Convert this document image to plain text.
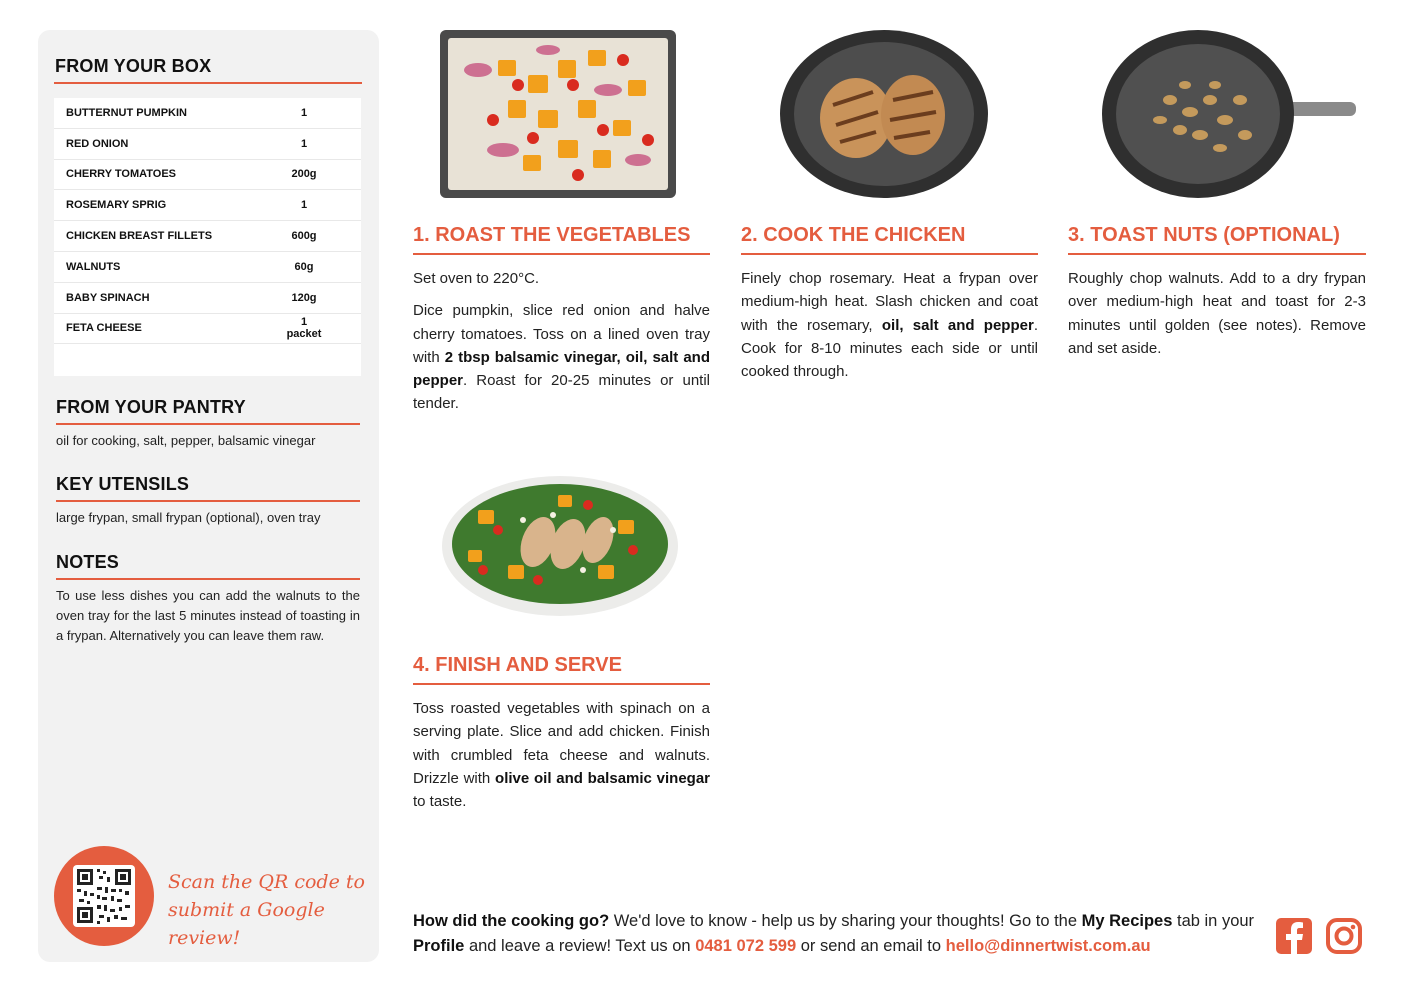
FROM YOUR BOX
BUTTERNUT PUMPKIN	1
RED ONION	1
CHERRY TOMATOES	200g
ROSEMARY SPRIG	1
CHICKEN BREAST FILLETS	600g
WALNUTS	60g
BABY SPINACH	120g
FETA CHEESE	1 packet
FROM YOUR PANTRY
oil for cooking, salt, pepper, balsamic vinegar
KEY UTENSILS
large frypan, small frypan (optional), oven tray
NOTES
To use less dishes you can add the walnuts to the oven tray for the last 5 minutes instead of toasting in a frypan. Alternatively you can leave them raw.
Scan the QR code to
submit a Google review!
1. ROAST THE VEGETABLES

Set oven to 220°C.

Dice pumpkin, slice red onion and halve cherry tomatoes. Toss on a lined oven tray with 2 tbsp balsamic vinegar, oil, salt and pepper. Roast for 20-25 minutes or until tender.

2. COOK THE CHICKEN

Finely chop rosemary. Heat a frypan over medium-high heat. Slash chicken and coat with the rosemary, oil, salt and pepper. Cook for 8-10 minutes each side or until cooked through.

3. TOAST NUTS (OPTIONAL)

Roughly chop walnuts. Add to a dry frypan over medium-high heat and toast for 2-3 minutes until golden (see notes). Remove and set aside.

4. FINISH AND SERVE

Toss roasted vegetables with spinach on a serving plate. Slice and add chicken. Finish with crumbled feta cheese and walnuts. Drizzle with olive oil and balsamic vinegar to taste.

How did the cooking go? We'd love to know - help us by sharing your thoughts! Go to the My Recipes tab in your Profile and leave a review! Text us on 0481 072 599 or send an email to hello@dinnertwist.com.au
